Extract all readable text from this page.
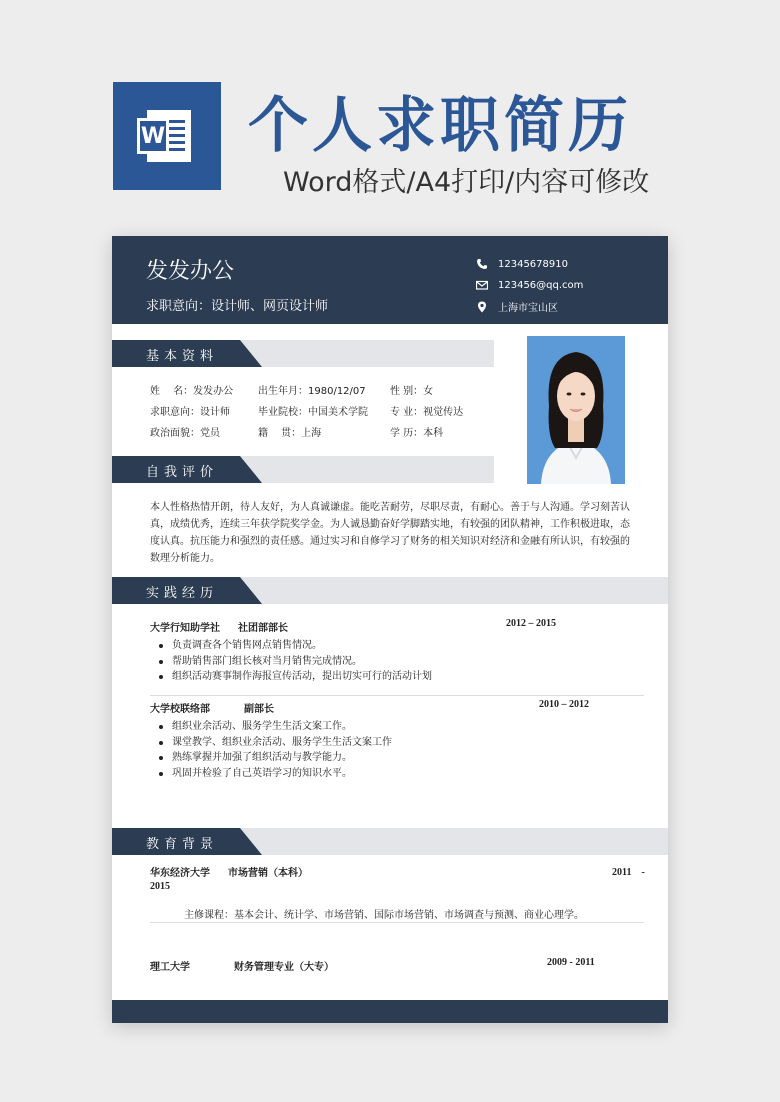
W 个人求职简历
Word格式/A4打印/内容可修改
发发办公
求职意向：设计师、网页设计师
12345678910
123456@qq.com
上海市宝山区
基本资料
姓　 名：发发办公 出生年月：1980/12/07 性 别：女
求职意向：设计师	毕业院校：中国美术学院 专 业：视觉传达
政治面貌：党员	籍　 贯：上海	学 历：本科
自我评价
本人性格热情开朗，待人友好，为人真诚谦虚。能吃苦耐劳，尽职尽责，有耐心。善于与人沟通。学习刻苦认真，成绩优秀，连续三年获学院奖学金。为人诚恳勤奋好学脚踏实地，有较强的团队精神，工作积极进取，态度认真。抗压能力和强烈的责任感。通过实习和自修学习了财务的相关知识对经济和金融有所认识，有较强的数理分析能力。
实践经历
大学行知助学社 社团部部长	2012 – 2015
负责调查各个销售网点销售情况。
帮助销售部门组长核对当月销售完成情况。
组织活动赛事制作海报宣传活动，提出切实可行的活动计划
大学校联络部	副部长	2010 – 2012
组织业余活动、服务学生生活文案工作。
课堂教学、组织业余活动、服务学生生活文案工作
熟练掌握并加强了组织活动与教学能力。
巩固并检验了自己英语学习的知识水平。
教育背景
华东经济大学 市场营销（本科）	2011　-
2015
主修课程：基本会计、统计学、市场营销、国际市场营销、市场调查与预测、商业心理学。
理工大学	财务管理专业（大专）	2009 - 2011
